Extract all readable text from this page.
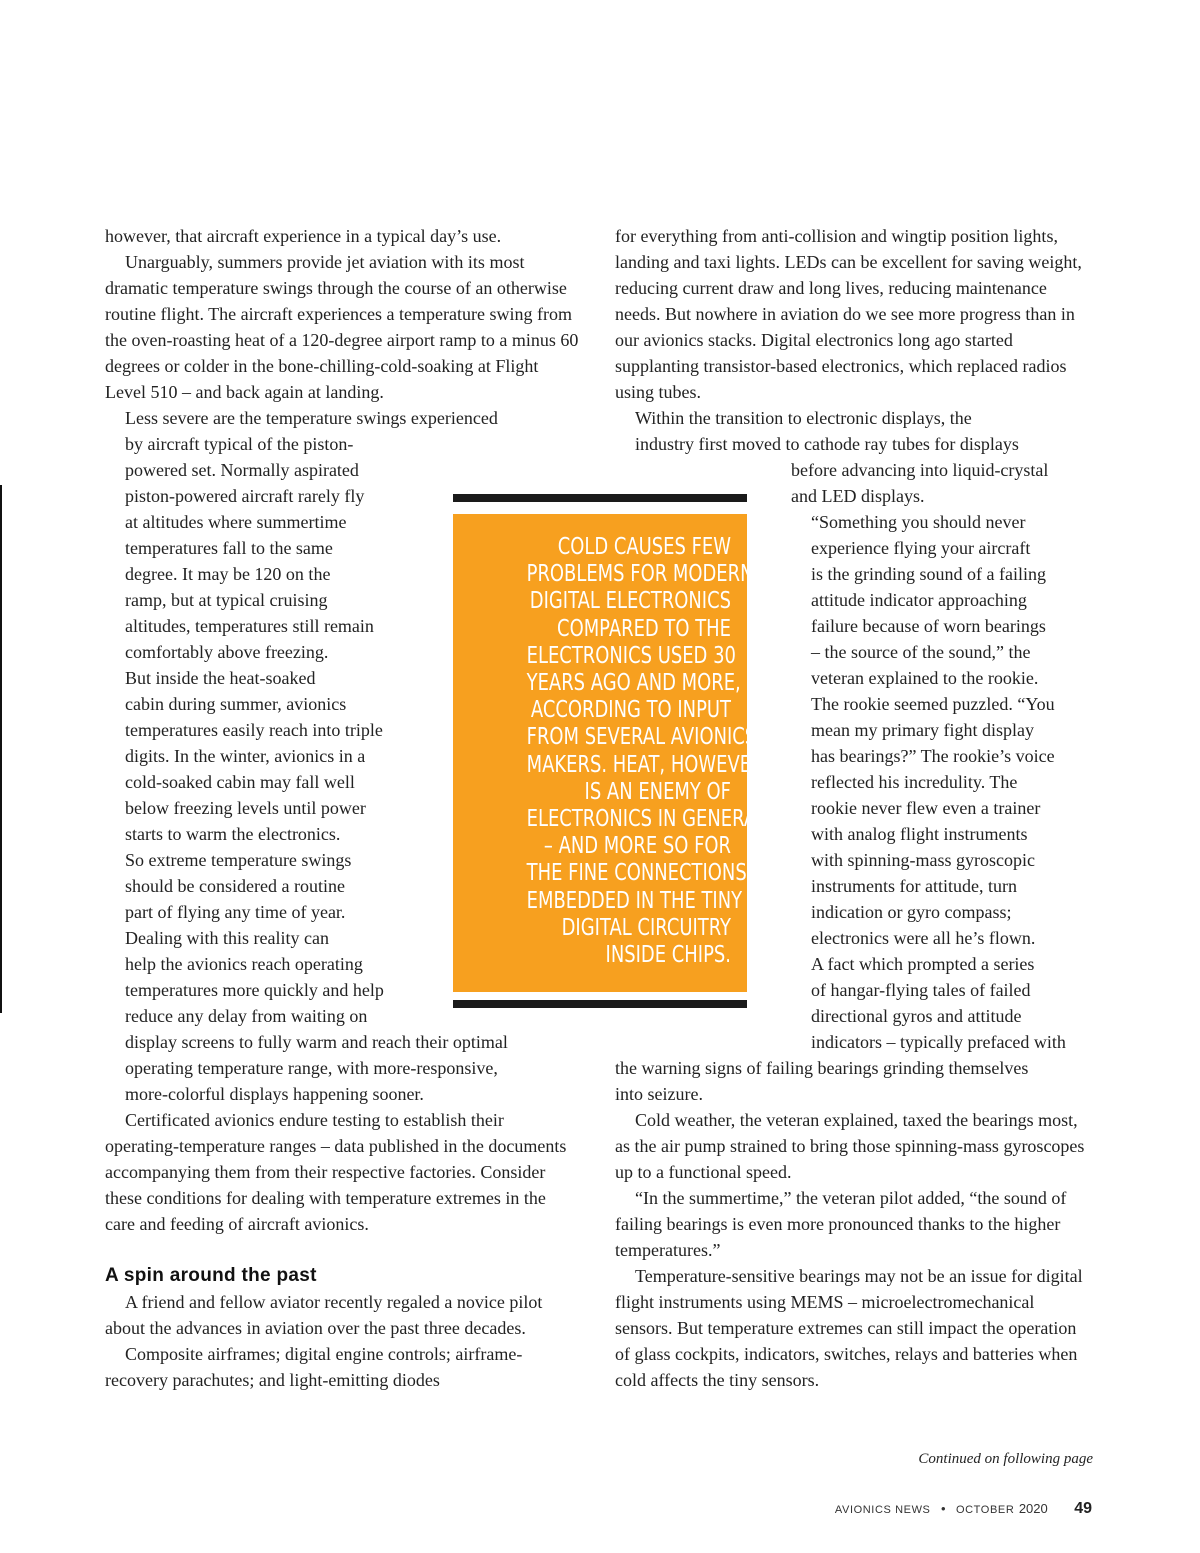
however, that aircraft experience in a typical day’s use.

Unarguably, summers provide jet aviation with its most dramatic temperature swings through the course of an otherwise routine flight. The aircraft experiences a temperature swing from the oven-roasting heat of a 120-degree airport ramp to a minus 60 degrees or colder in the bone-chilling-cold-soaking at Flight Level 510 – and back again at landing.

Less severe are the temperature swings experienced
by aircraft typical of the piston-
powered set. Normally aspirated
piston-powered aircraft rarely fly
at altitudes where summertime
temperatures fall to the same
degree. It may be 120 on the
ramp, but at typical cruising
altitudes, temperatures still remain
comfortably above freezing.

But inside the heat-soaked
cabin during summer, avionics
temperatures easily reach into triple
digits. In the winter, avionics in a
cold-soaked cabin may fall well
below freezing levels until power
starts to warm the electronics.

So extreme temperature swings
should be considered a routine
part of flying any time of year.
Dealing with this reality can
help the avionics reach operating
temperatures more quickly and help
reduce any delay from waiting on
display screens to fully warm and reach their optimal
operating temperature range, with more-responsive,
more-colorful displays happening sooner.

Certificated avionics endure testing to establish their operating-temperature ranges – data published in the documents accompanying them from their respective factories. Consider these conditions for dealing with temperature extremes in the care and feeding of aircraft avionics.

A spin around the past

A friend and fellow aviator recently regaled a novice pilot about the advances in aviation over the past three decades.

Composite airframes; digital engine controls; airframe-recovery parachutes; and light-emitting diodes

COLD CAUSES FEW
PROBLEMS FOR MODERN
DIGITAL ELECTRONICS
COMPARED TO THE
ELECTRONICS USED 30
YEARS AGO AND MORE,
ACCORDING TO INPUT
FROM SEVERAL AVIONICS
MAKERS. HEAT, HOWEVER,
IS AN ENEMY OF
ELECTRONICS IN GENERAL
– AND MORE SO FOR
THE FINE CONNECTIONS
EMBEDDED IN THE TINY
DIGITAL CIRCUITRY
INSIDE CHIPS.

for everything from anti-collision and wingtip position lights, landing and taxi lights. LEDs can be excellent for saving weight, reducing current draw and long lives, reducing maintenance needs. But nowhere in aviation do we see more progress than in our avionics stacks. Digital electronics long ago started supplanting transistor-based electronics, which replaced radios using tubes.

Within the transition to electronic displays, the
industry first moved to cathode ray tubes for displays

before advancing into liquid-crystal
and LED displays.

“Something you should never
experience flying your aircraft
is the grinding sound of a failing
attitude indicator approaching
failure because of worn bearings
– the source of the sound,” the
veteran explained to the rookie.

The rookie seemed puzzled. “You
mean my primary fight display
has bearings?” The rookie’s voice
reflected his incredulity. The
rookie never flew even a trainer
with analog flight instruments
with spinning-mass gyroscopic
instruments for attitude, turn
indication or gyro compass;
electronics were all he’s flown.
A fact which prompted a series
of hangar-flying tales of failed
directional gyros and attitude
indicators – typically prefaced with

the warning signs of failing bearings grinding themselves
into seizure.

Cold weather, the veteran explained, taxed the bearings most, as the air pump strained to bring those spinning-mass gyroscopes up to a functional speed.

“In the summertime,” the veteran pilot added, “the sound of failing bearings is even more pronounced thanks to the higher temperatures.”

Temperature-sensitive bearings may not be an issue for digital flight instruments using MEMS – microelectromechanical sensors. But temperature extremes can still impact the operation of glass cockpits, indicators, switches, relays and batteries when cold affects the tiny sensors.

Continued on following page
AVIONICS NEWS • OCTOBER 2020 49
